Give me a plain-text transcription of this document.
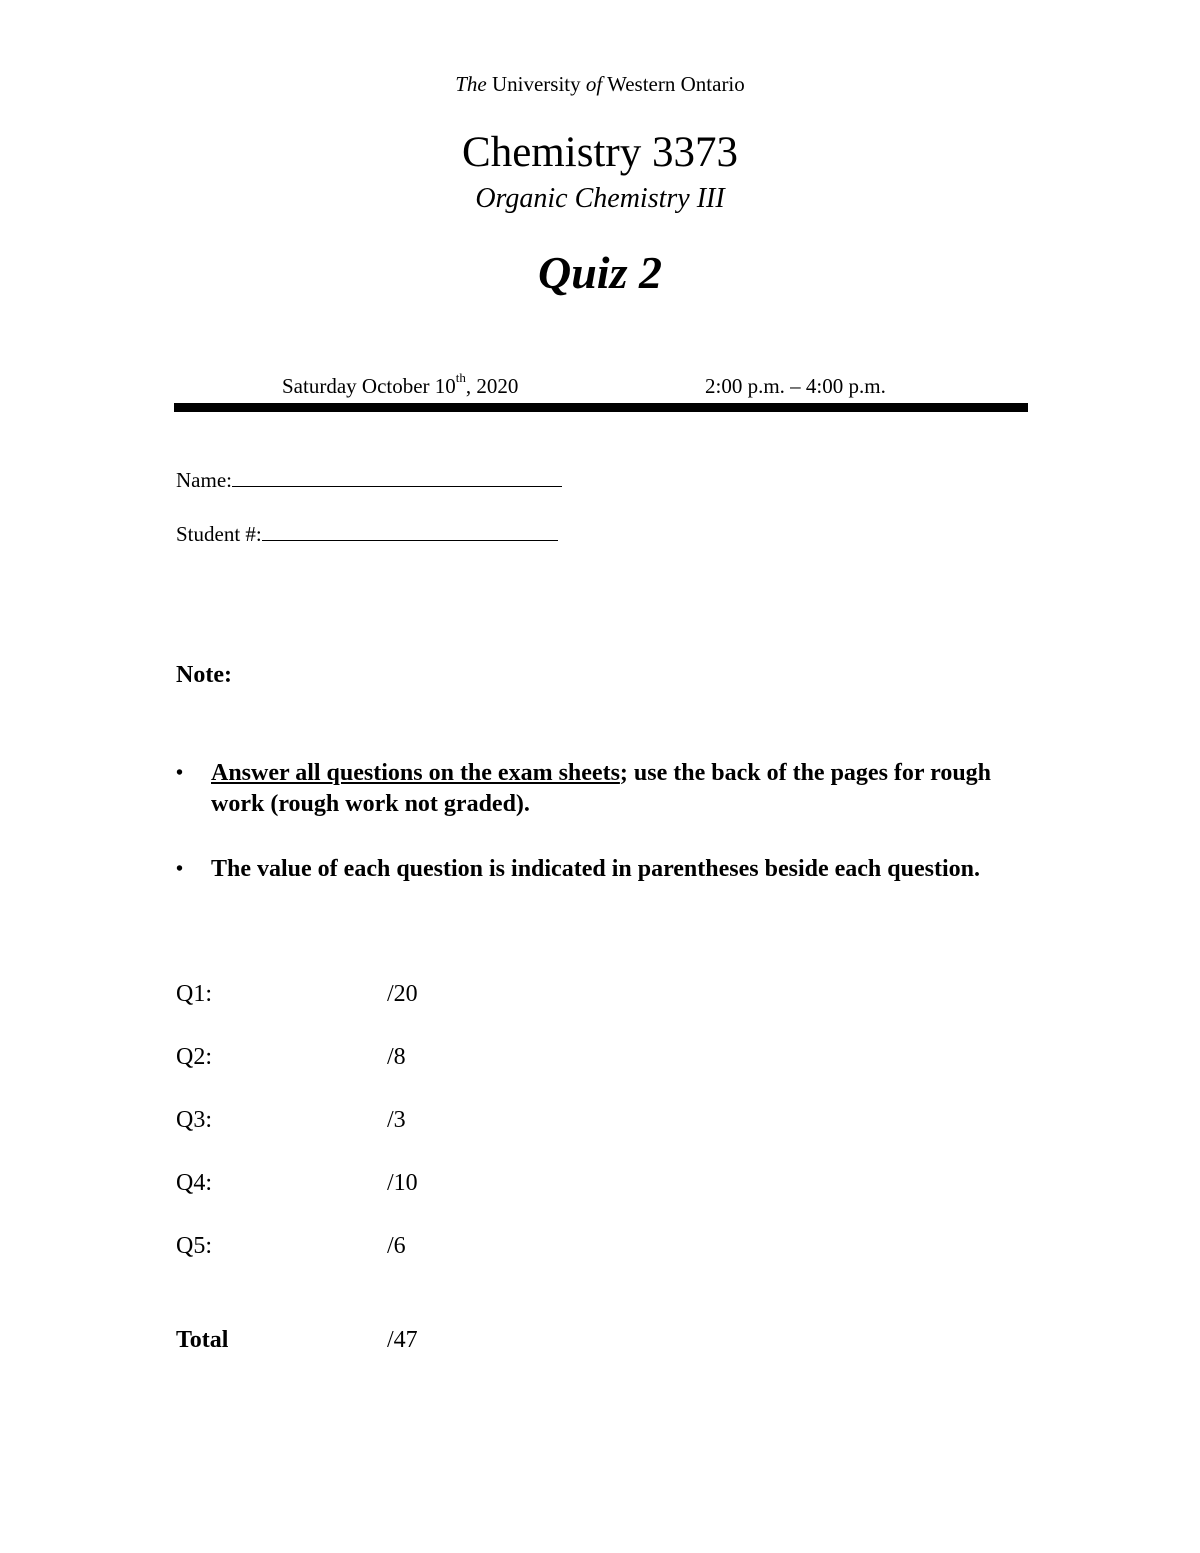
The University of Western Ontario
Chemistry 3373
Organic Chemistry III
Quiz 2
Saturday October 10th, 2020	2:00 p.m. – 4:00 p.m.
Name:
Student #:
Note:
• Answer all questions on the exam sheets; use the back of the pages for rough work (rough work not graded).
• The value of each question is indicated in parentheses beside each question.
Q1:	/20
Q2:	/8
Q3:	/3
Q4:	/10
Q5:	/6
Total	/47
